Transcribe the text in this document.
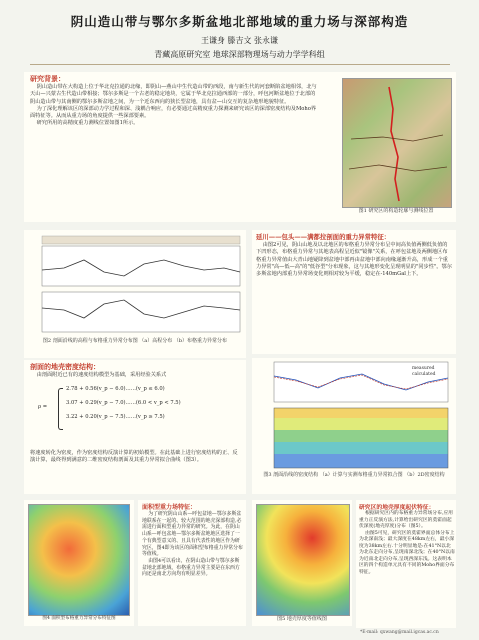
阴山造山带与鄂尔多斯盆地北部地域的重力场与深部构造
王谦身 滕吉文 张永谦
青藏高原研究室 地球深部物理场与动力学学科组
研究背景：
阴山造山带在大构造上位于华北克拉通的北缘，即阴山—燕山中生代造山带的西段，南与新生代的河套断陷盆地相邻，北与天山—兴蒙古生代造山带相接；鄂尔多斯是一个古老的稳定地块，它属于华北克拉通西部的一部分，呼包河断盆地位于北部的阴山造山带与其南侧的鄂尔多斯盆地之间，为一个近东西向的狭长型盆地，具有盆—山交互的复杂地形地貌特征。
为了深化理解该区的深部动力学过程和深、浅耦合响应，有必要通过高精度重力探测来研究该区的深部密度结构及Moho界面特征等。从而从重力场的角度提供一些深部要素。
研究所用的高精度重力测线位置如图1所示。
图1 研究区的构造轮廓与测线位置
图2 剖面沿线的高程与布格重力异常分布图 （a）高程分布 （b）布格重力异常分布
延川——包头——满都拉剖面的重力异常特征：
由图2可见，阴山山地及以北地区的布格重力异常分布呈中间高负值两侧低负值的下凹形态，布格重力异常与其地表高程呈近似"镜像"关系，在呼包盆地及两侧地区布格重力异常值由大青山地疑降到盆地中部再由盆地中部向南缘递渐升高，形成一个重力异常"高—低—高"的"低谷型"分布现象，这与其地形变化呈现明显的"同步性"。鄂尔多斯盆地内部重力异常场变化则相对较为平缓，稳定在-140mGal上下。
剖面的地壳密度结构：
由剖面附近已有的速度结构模型为基础，采用经验关系式
ρ =
2.78 + 0.56(v_p − 6.0)……(v_p ≤ 6.0)
3.07 + 0.29(v_p − 7.0)……(6.0 < v_p < 7.5)
3.22 + 0.20(v_p − 7.5)……(v_p ≥ 7.5)
将速度转化为密度，作为密度结构反演计算的初始模型。在此基础上进行密度结构的正、反演计算，最终得到满意的二维密度结构剖面及其重力异常拟合曲线（图3）。
measured
calculated
图3 剖面沿线的密度结构 （a）计算与实测布格重力异常拟合图 （b）2D密度结构
图4 面积型布格重力异常分布特征图
面积型重力场特征：
为了研究阴山山系—呼包盆地—鄂尔多斯盆地联系在一起的、较大范围的地壳深部构造,必需进行面积型重力异常的研究。为此，在阴山山系—呼包盆地—鄂尔多斯盆地地区选择了一个有典型意义的、且具有代表性的地区作为研究区，图4即为该区的面积型布格重力异常分布等值线。
由图4可以看出，在阴山造山带与鄂尔多斯盆地北部地域，布格重力异常主要是在东西方向还是南北方向均有明显差异。
图5 地壳厚度等值线图
研究区的地壳厚度起伏特征：
根据研究区内的布格重力异常场分布,应用重力正反演方法,计算给出研究区的莫霍面起伏深度(地壳厚度)分布（图5）。
由图5可见，研究区的莫霍界面总体分布上为北深南浅；最大深度在48km左右，最小深度为38km左右.十分明显地是:在41°N以北为北东走向分布,呈现南深北浅；在40°N以南为近南北走向分布,呈现西深东浅。这表明本区的四个构造单元具有不同的Moho界面分布特征。
*E-mail: qxwang@mail.igcas.ac.cn
